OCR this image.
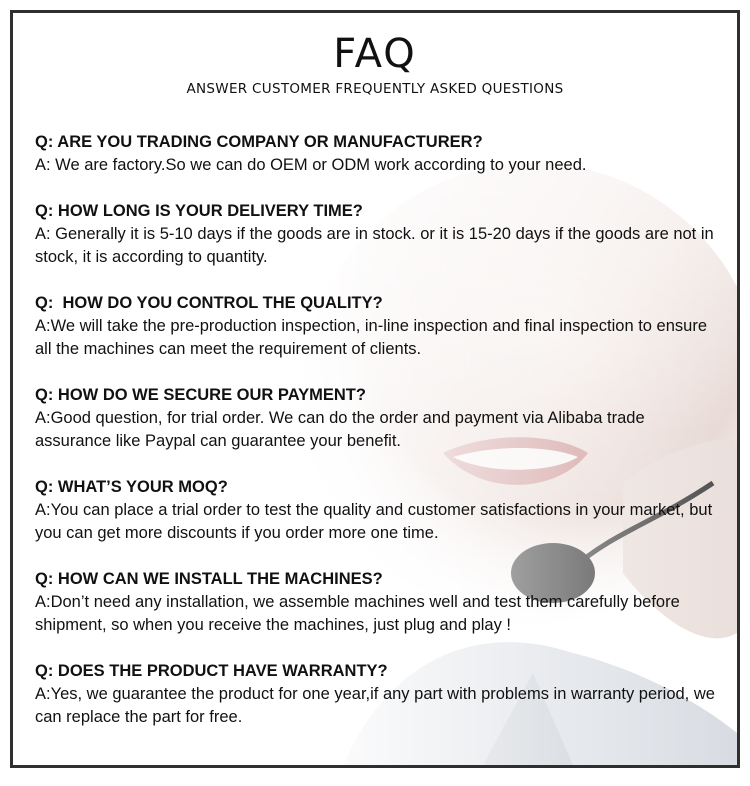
FAQ
ANSWER CUSTOMER FREQUENTLY ASKED QUESTIONS
Q: ARE YOU TRADING COMPANY OR MANUFACTURER?
A: We are factory.So we can do OEM or ODM work according to your need.
Q: HOW LONG IS YOUR DELIVERY TIME?
A: Generally it is 5-10 days if the goods are in stock. or it is 15-20 days if the goods are not in stock, it is according to quantity.
Q:  HOW DO YOU CONTROL THE QUALITY?
A:We will take the pre-production inspection, in-line inspection and final inspection to ensure all the machines can meet the requirement of clients.
Q: HOW DO WE SECURE OUR PAYMENT?
A:Good question, for trial order. We can do the order and payment via Alibaba trade assurance like Paypal can guarantee your benefit.
Q: WHAT’S YOUR MOQ?
A:You can place a trial order to test the quality and customer satisfactions in your market, but you can get more discounts if you order more one time.
Q: HOW CAN WE INSTALL THE MACHINES?
A:Don’t need any installation, we assemble machines well and test them carefully before shipment, so when you receive the machines, just plug and play !
Q: DOES THE PRODUCT HAVE WARRANTY?
A:Yes, we guarantee the product for one year,if any part with problems in warranty period, we can replace the part for free.
